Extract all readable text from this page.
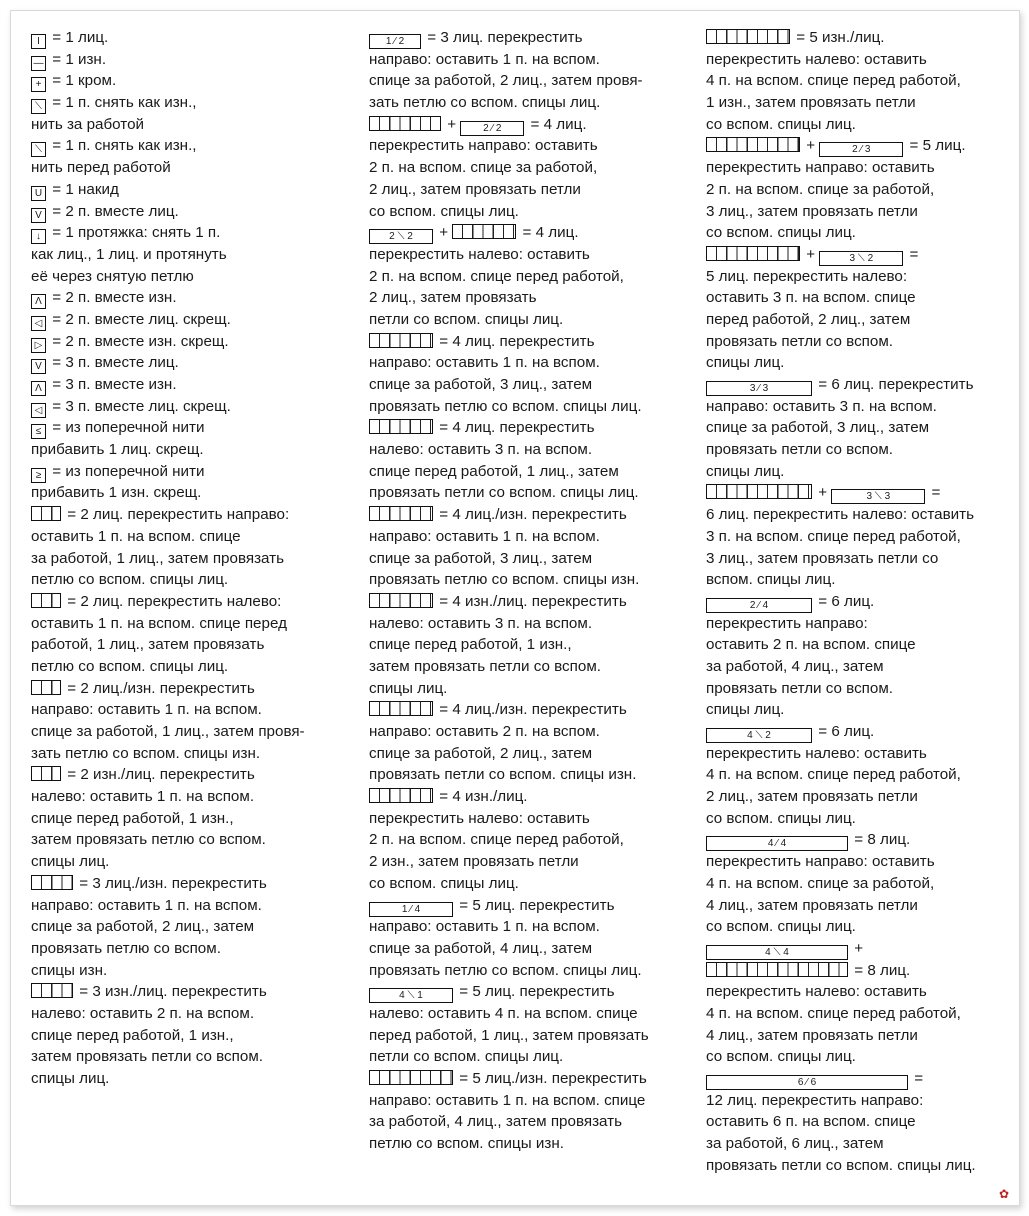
I = 1 лиц.
— = 1 изн.
+ = 1 кром.
⟍ = 1 п. снять как изн.,
нить за работой
⟍ = 1 п. снять как изн.,
нить перед работой
U = 1 накид
V = 2 п. вместе лиц.
↓ = 1 протяжка: снять 1 п.
как лиц., 1 лиц. и протянуть
её через снятую петлю
Λ = 2 п. вместе изн.
◁ = 2 п. вместе лиц. скрещ.
▷ = 2 п. вместе изн. скрещ.
V = 3 п. вместе лиц.
Λ = 3 п. вместе изн.
◁ = 3 п. вместе лиц. скрещ.
≤ = из поперечной нити
прибавить 1 лиц. скрещ.
≥ = из поперечной нити
прибавить 1 изн. скрещ.
= 2 лиц. перекрестить направо:
оставить 1 п. на вспом. спице
за работой, 1 лиц., затем провязать
петлю со вспом. спицы лиц.
= 2 лиц. перекрестить налево:
оставить 1 п. на вспом. спице перед
работой, 1 лиц., затем провязать
петлю со вспом. спицы лиц.
= 2 лиц./изн. перекрестить
направо: оставить 1 п. на вспом.
спице за работой, 1 лиц., затем провя-
зать петлю со вспом. спицы изн.
= 2 изн./лиц. перекрестить
налево: оставить 1 п. на вспом.
спице перед работой, 1 изн.,
затем провязать петлю со вспом.
спицы лиц.
= 3 лиц./изн. перекрестить
направо: оставить 1 п. на вспом.
спице за работой, 2 лиц., затем
провязать петлю со вспом.
спицы изн.
= 3 изн./лиц. перекрестить
налево: оставить 2 п. на вспом.
спице перед работой, 1 изн.,
затем провязать петли со вспом.
спицы лиц.
1 ⁄ 2 = 3 лиц. перекрестить
направо: оставить 1 п. на вспом.
спице за работой, 2 лиц., затем провя-
зать петлю со вспом. спицы лиц.
+ 2 ⁄ 2 = 4 лиц.
перекрестить направо: оставить
2 п. на вспом. спице за работой,
2 лиц., затем провязать петли
со вспом. спицы лиц.
2 ⟍ 2 +	= 4 лиц.
перекрестить налево: оставить
2 п. на вспом. спице перед работой,
2 лиц., затем провязать
петли со вспом. спицы лиц.
= 4 лиц. перекрестить
направо: оставить 1 п. на вспом.
спице за работой, 3 лиц., затем
провязать петлю со вспом. спицы лиц.
= 4 лиц. перекрестить
налево: оставить 3 п. на вспом.
спице перед работой, 1 лиц., затем
провязать петли со вспом. спицы лиц.
= 4 лиц./изн. перекрестить
направо: оставить 1 п. на вспом.
спице за работой, 3 лиц., затем
провязать петлю со вспом. спицы изн.
= 4 изн./лиц. перекрестить
налево: оставить 3 п. на вспом.
спице перед работой, 1 изн.,
затем провязать петли со вспом.
спицы лиц.
= 4 лиц./изн. перекрестить
направо: оставить 2 п. на вспом.
спице за работой, 2 лиц., затем
провязать петли со вспом. спицы изн.
= 4 изн./лиц.
перекрестить налево: оставить
2 п. на вспом. спице перед работой,
2 изн., затем провязать петли
со вспом. спицы лиц.
1 ⁄ 4	= 5 лиц. перекрестить
направо: оставить 1 п. на вспом.
спице за работой, 4 лиц., затем
провязать петлю со вспом. спицы лиц.
4 ⟍ 1 = 5 лиц. перекрестить
налево: оставить 4 п. на вспом. спице
перед работой, 1 лиц., затем провязать
петли со вспом. спицы лиц.
= 5 лиц./изн. перекрестить
направо: оставить 1 п. на вспом. спице
за работой, 4 лиц., затем провязать
петлю со вспом. спицы изн.
= 5 изн./лиц.
перекрестить налево: оставить
4 п. на вспом. спице перед работой,
1 изн., затем провязать петли
со вспом. спицы лиц.
+	2 ⁄ 3	= 5 лиц.
перекрестить направо: оставить
2 п. на вспом. спице за работой,
3 лиц., затем провязать петли
со вспом. спицы лиц.
+	3 ⟍ 2 =
5 лиц. перекрестить налево:
оставить 3 п. на вспом. спице
перед работой, 2 лиц., затем
провязать петли со вспом.
спицы лиц.
3 ⁄ 3	= 6 лиц. перекрестить
направо: оставить 3 п. на вспом.
спице за работой, 3 лиц., затем
провязать петли со вспом.
спицы лиц.
+	3 ⟍ 3	=
6 лиц. перекрестить налево: оставить
3 п. на вспом. спице перед работой,
3 лиц., затем провязать петли со
вспом. спицы лиц.
2 ⁄ 4	= 6 лиц.
перекрестить направо:
оставить 2 п. на вспом. спице
за работой, 4 лиц., затем
провязать петли со вспом.
спицы лиц.
4 ⟍ 2	= 6 лиц.
перекрестить налево: оставить
4 п. на вспом. спице перед работой,
2 лиц., затем провязать петли
со вспом. спицы лиц.
4 ⁄ 4	= 8 лиц.
перекрестить направо: оставить
4 п. на вспом. спице за работой,
4 лиц., затем провязать петли
со вспом. спицы лиц.
4 ⟍ 4	+
= 8 лиц.
перекрестить налево: оставить
4 п. на вспом. спице перед работой,
4 лиц., затем провязать петли
со вспом. спицы лиц.
6 ⁄ 6	=
12 лиц. перекрестить направо:
оставить 6 п. на вспом. спице
за работой, 6 лиц., затем
провязать петли со вспом. спицы лиц.
✿
